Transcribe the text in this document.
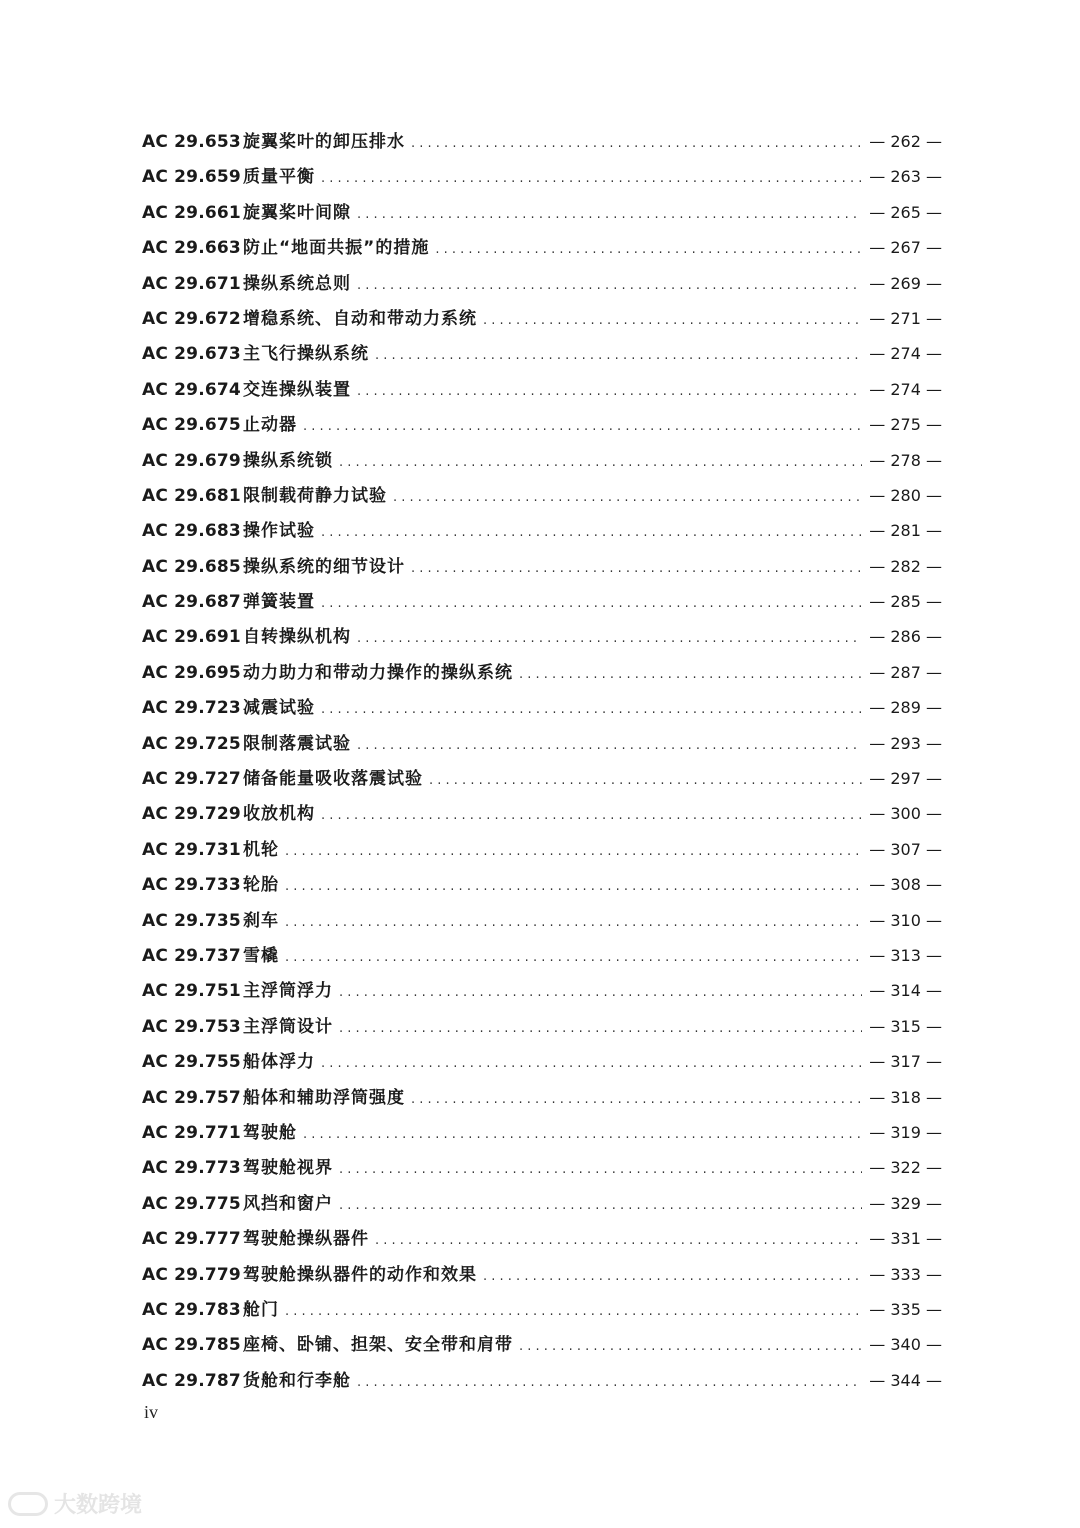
AC 29.653 旋翼桨叶的卸压排水 . . .	— 262 —
AC 29.659 质量平衡 . . .	— 263 —
AC 29.661 旋翼桨叶间隙 . . .	— 265 —
AC 29.663 防止“地面共振”的措施 . . .	— 267 —
AC 29.671 操纵系统总则 . . .	— 269 —
AC 29.672 增稳系统、自动和带动力系统 . . .	— 271 —
AC 29.673 主飞行操纵系统 . . .	— 274 —
AC 29.674 交连操纵装置 . . .	— 274 —
AC 29.675 止动器 . . .	— 275 —
AC 29.679 操纵系统锁 . . .	— 278 —
AC 29.681 限制载荷静力试验 . . .	— 280 —
AC 29.683 操作试验 . . .	— 281 —
AC 29.685 操纵系统的细节设计 . . .	— 282 —
AC 29.687 弹簧装置 . . .	— 285 —
AC 29.691 自转操纵机构 . . .	— 286 —
AC 29.695 动力助力和带动力操作的操纵系统 . . .	— 287 —
AC 29.723 减震试验 . . .	— 289 —
AC 29.725 限制落震试验 . . .	— 293 —
AC 29.727 储备能量吸收落震试验 . . .	— 297 —
AC 29.729 收放机构 . . .	— 300 —
AC 29.731 机轮 . . .	— 307 —
AC 29.733 轮胎 . . .	— 308 —
AC 29.735 刹车 . . .	— 310 —
AC 29.737 雪橇 . . .	— 313 —
AC 29.751 主浮筒浮力 . . .	— 314 —
AC 29.753 主浮筒设计 . . .	— 315 —
AC 29.755 船体浮力 . . .	— 317 —
AC 29.757 船体和辅助浮筒强度 . . .	— 318 —
AC 29.771 驾驶舱 . . .	— 319 —
AC 29.773 驾驶舱视界 . . .	— 322 —
AC 29.775 风挡和窗户 . . .	— 329 —
AC 29.777 驾驶舱操纵器件 . . .	— 331 —
AC 29.779 驾驶舱操纵器件的动作和效果 . . .	— 333 —
AC 29.783 舱门 . . .	— 335 —
AC 29.785 座椅、卧铺、担架、安全带和肩带 . . .	— 340 —
AC 29.787 货舱和行李舱 . . .	— 344 —
iv
大数跨境
